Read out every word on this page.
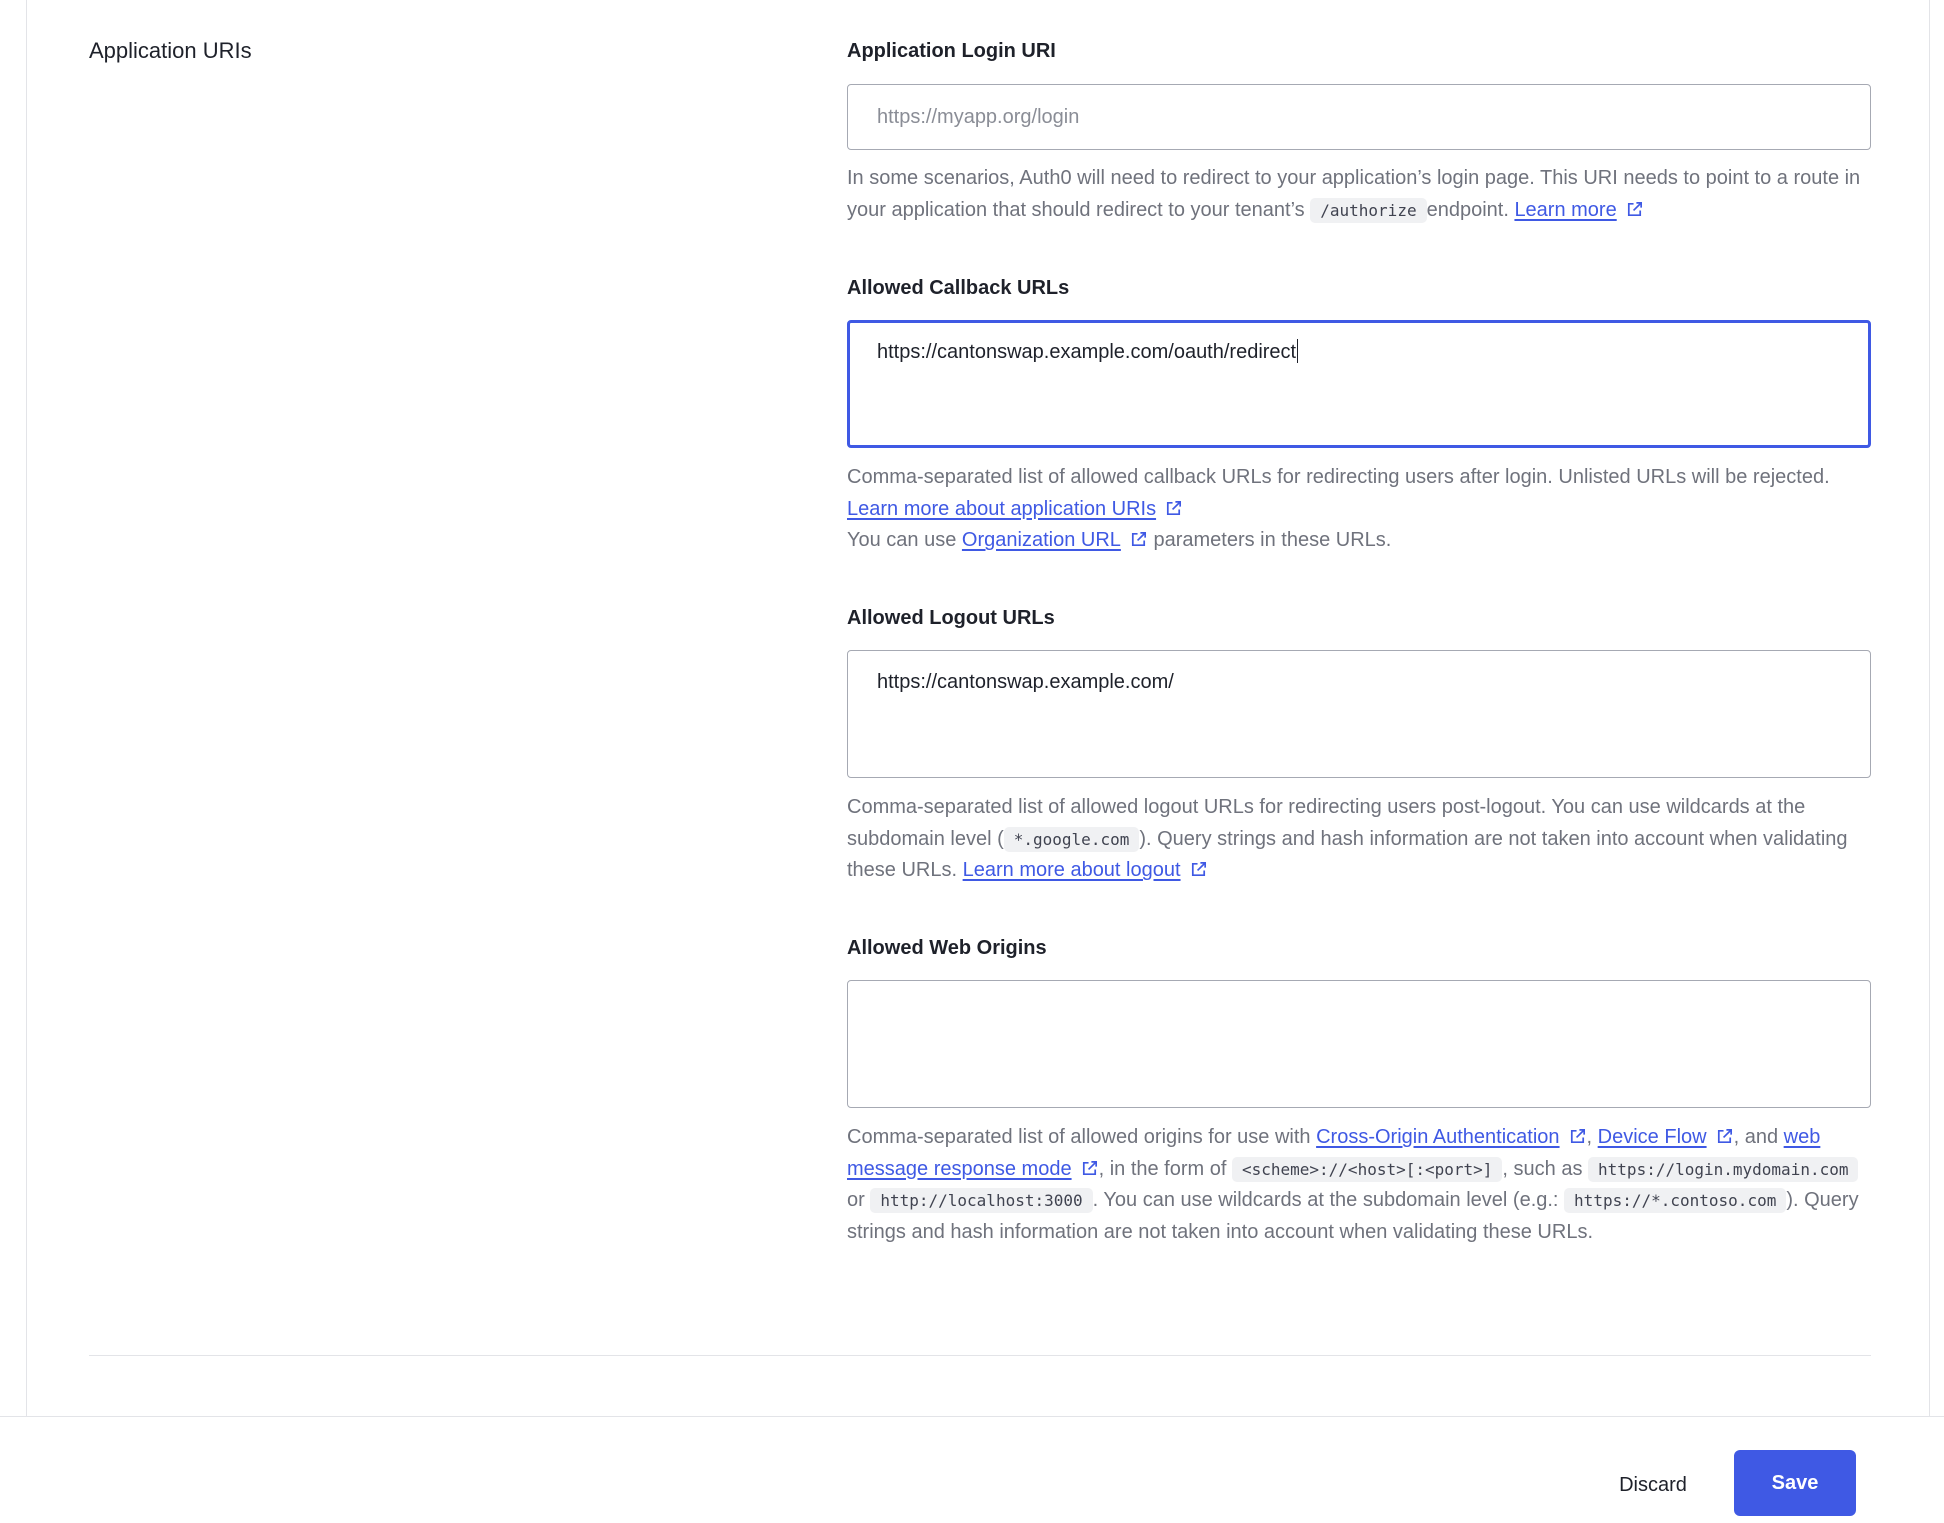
Application URIs	Application Login URI
https://myapp.org/login

In some scenarios, Auth0 will need to redirect to your application’s login page. This URI needs to point to a route in your application that should redirect to your tenant’s /authorize endpoint. Learn more

Allowed Callback URLs
https://cantonswap.example.com/oauth/redirect

Comma-separated list of allowed callback URLs for redirecting users after login. Unlisted URLs will be rejected. Learn more about application URIs
You can use Organization URL parameters in these URLs.

Allowed Logout URLs
https://cantonswap.example.com/

Comma-separated list of allowed logout URLs for redirecting users post-logout. You can use wildcards at the subdomain level ( *.google.com ). Query strings and hash information are not taken into account when validating these URLs. Learn more about logout

Allowed Web Origins

Comma-separated list of allowed origins for use with Cross-Origin Authentication , Device Flow , and web message response mode , in the form of <scheme>://<host>[:<port>] , such as https://login.mydomain.com or http://localhost:3000 . You can use wildcards at the subdomain level (e.g.: https://*.contoso.com ). Query strings and hash information are not taken into account when validating these URLs.

Discard	Save
